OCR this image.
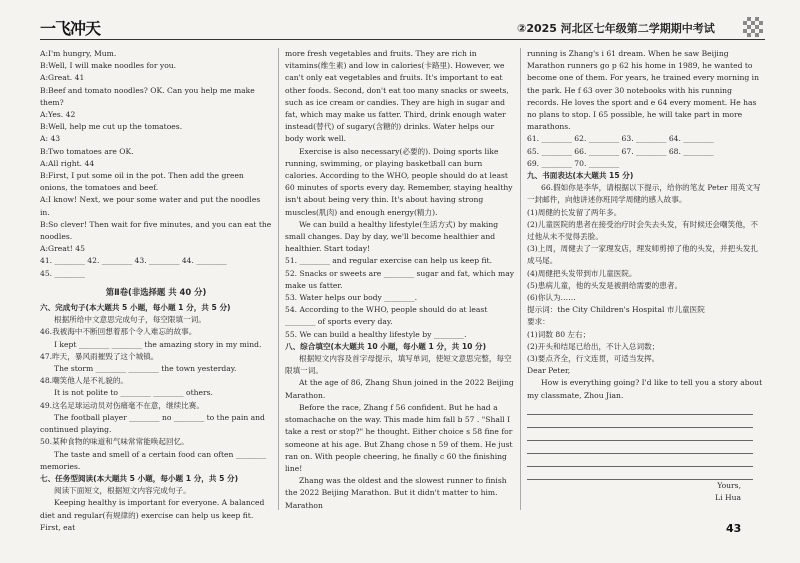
一飞冲天	②2025 河北区七年级第二学期期中考试

A:I'm hungry, Mum.

B:Well, I will make noodles for you.

A:Great. 41

B:Beef and tomato noodles? OK. Can you help me make them?

A:Yes. 42

B:Well, help me cut up the tomatoes.

A: 43

B:Two tomatoes are OK.

A:All right. 44

B:First, I put some oil in the pot. Then add the green onions, the tomatoes and beef.

A:I know! Next, we pour some water and put the noodles in.

B:So clever! Then wait for five minutes, and you can eat the noodles.

A:Great! 45

41. ________ 42. ________ 43. ________ 44. ________

45. ________

第Ⅱ卷(非选择题 共 40 分)

六、完成句子(本大题共 5 小题，每小题 1 分，共 5 分)

根据所给中文意思完成句子，每空限填一词。

46.我被海中不断回想着那个令人难忘的故事。

I kept ________ ________ the amazing story in my mind.

47.昨天，暴风雨摧毁了这个城镇。

The storm ________ ________ the town yesterday.

48.嘲笑他人是不礼貌的。

It is not polite to ________ ________ others.

49.这名足球运动员对伤痛毫不在意，继续比赛。

The football player ________ no ________ to the pain and continued playing.

50.某种食物的味道和气味常常能唤起回忆。

The taste and smell of a certain food can often ________ memories.

七、任务型阅读(本大题共 5 小题，每小题 1 分，共 5 分)

阅读下面短文，根据短文内容完成句子。

Keeping healthy is important for everyone. A balanced diet and regular(有规律的) exercise can help us keep fit. First, eat

more fresh vegetables and fruits. They are rich in vitamins(维生素) and low in calories(卡路里). However, we can't only eat vegetables and fruits. It's important to eat other foods. Second, don't eat too many snacks or sweets, such as ice cream or candies. They are high in sugar and fat, which may make us fatter. Third, drink enough water instead(替代) of sugary(含糖的) drinks. Water helps our body work well.

Exercise is also necessary(必要的). Doing sports like running, swimming, or playing basketball can burn calories. According to the WHO, people should do at least 60 minutes of sports every day. Remember, staying healthy isn't about being very thin. It's about having strong muscles(肌肉) and enough energy(精力).

We can build a healthy lifestyle(生活方式) by making small changes. Day by day, we'll become healthier and healthier. Start today!

51. ________ and regular exercise can help us keep fit.

52. Snacks or sweets are ________ sugar and fat, which may make us fatter.

53. Water helps our body ________.

54. According to the WHO, people should do at least ________ of sports every day.

55. We can build a healthy lifestyle by ________.

八、综合填空(本大题共 10 小题，每小题 1 分，共 10 分)

根据短文内容及首字母提示，填写单词，使短文意思完整，每空限填一词。

At the age of 86, Zhang Shun joined in the 2022 Beijing Marathon.

Before the race, Zhang f 56 confident. But he had a stomachache on the way. This made him fall b 57 . "Shall I take a rest or stop?" he thought. Either choice s 58 fine for someone at his age. But Zhang chose n 59 of them. He just ran on. With people cheering, he finally c 60 the finishing line!

Zhang was the oldest and the slowest runner to finish the 2022 Beijing Marathon. But it didn't matter to him. Marathon

running is Zhang's i 61 dream. When he saw Beijing Marathon runners go p 62 his home in 1989, he wanted to become one of them. For years, he trained every morning in the park. He f 63 over 30 notebooks with his running records. He loves the sport and e 64 every moment. He has no plans to stop. I 65 possible, he will take part in more marathons.

61. ________ 62. ________ 63. ________ 64. ________

65. ________ 66. ________ 67. ________ 68. ________

69. ________ 70. ________

九、书面表达(本大题共 15 分)

66.假如你是李华，请根据以下提示，给你的笔友 Peter 用英文写一封邮件，向他讲述你班同学周健的感人故事。

(1)周健的长发留了两年多。

(2)儿童医院的患者在接受治疗时会失去头发，有时候还会嘲笑他，不过他从未不觉得丢脸。

(3)上周，周健去了一家理发店，理发师剪掉了他的头发，并把头发扎成马尾。

(4)周健把头发带到市儿童医院。

(5)患病儿童，他的头发是被捐给需要的患者。

(6)你认为……

提示词：the City Children's Hospital 市儿童医院

要求：

(1)词数 80 左右；

(2)开头和结尾已给出，不计入总词数；

(3)要点齐全，行文连贯，可适当发挥。

Dear Peter,

How is everything going? I'd like to tell you a story about my classmate, Zhou Jian.

Yours,

Li Hua

43
